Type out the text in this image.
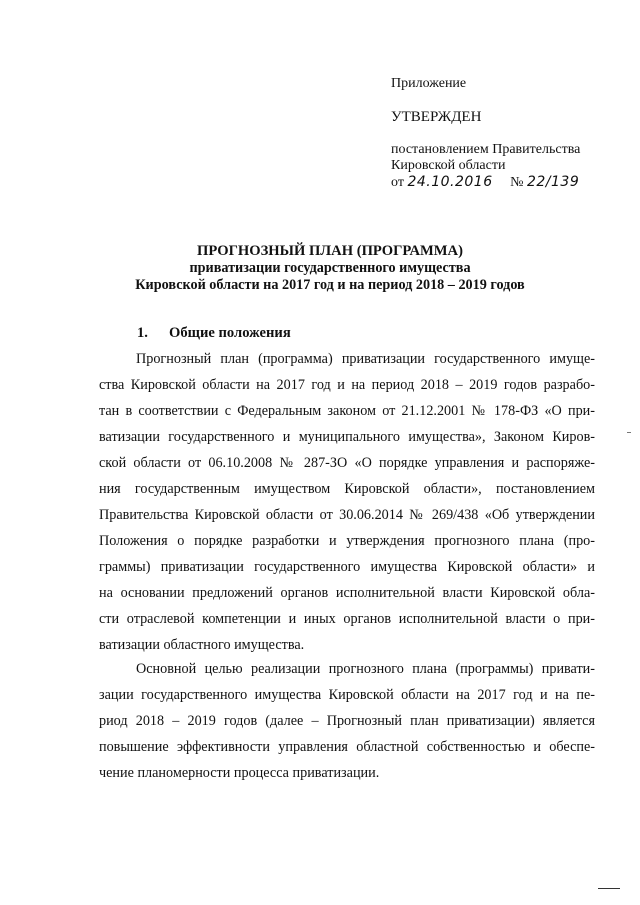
Приложение

УТВЕРЖДЕН

постановлением Правительства

Кировской области

от 24.10.2016 № 22/139

ПРОГНОЗНЫЙ ПЛАН (ПРОГРАММА)
приватизации государственного имущества
Кировской области на 2017 год и на период 2018 – 2019 годов
1. Общие положения
Прогнозный план (программа) приватизации государственного имуще-
ства Кировской области на 2017 год и на период 2018 – 2019 годов разрабо-
тан в соответствии с Федеральным законом от 21.12.2001 № 178-ФЗ «О при-
ватизации государственного и муниципального имущества», Законом Киров-
ской области от 06.10.2008 № 287-ЗО «О порядке управления и распоряже-
ния государственным имуществом Кировской области», постановлением
Правительства Кировской области от 30.06.2014 № 269/438 «Об утверждении
Положения о порядке разработки и утверждения прогнозного плана (про-
граммы) приватизации государственного имущества Кировской области» и
на основании предложений органов исполнительной власти Кировской обла-
сти отраслевой компетенции и иных органов исполнительной власти о при-
ватизации областного имущества.
Основной целью реализации прогнозного плана (программы) привати-
зации государственного имущества Кировской области на 2017 год и на пе-
риод 2018 – 2019 годов (далее – Прогнозный план приватизации) является
повышение эффективности управления областной собственностью и обеспе-
чение планомерности процесса приватизации.
